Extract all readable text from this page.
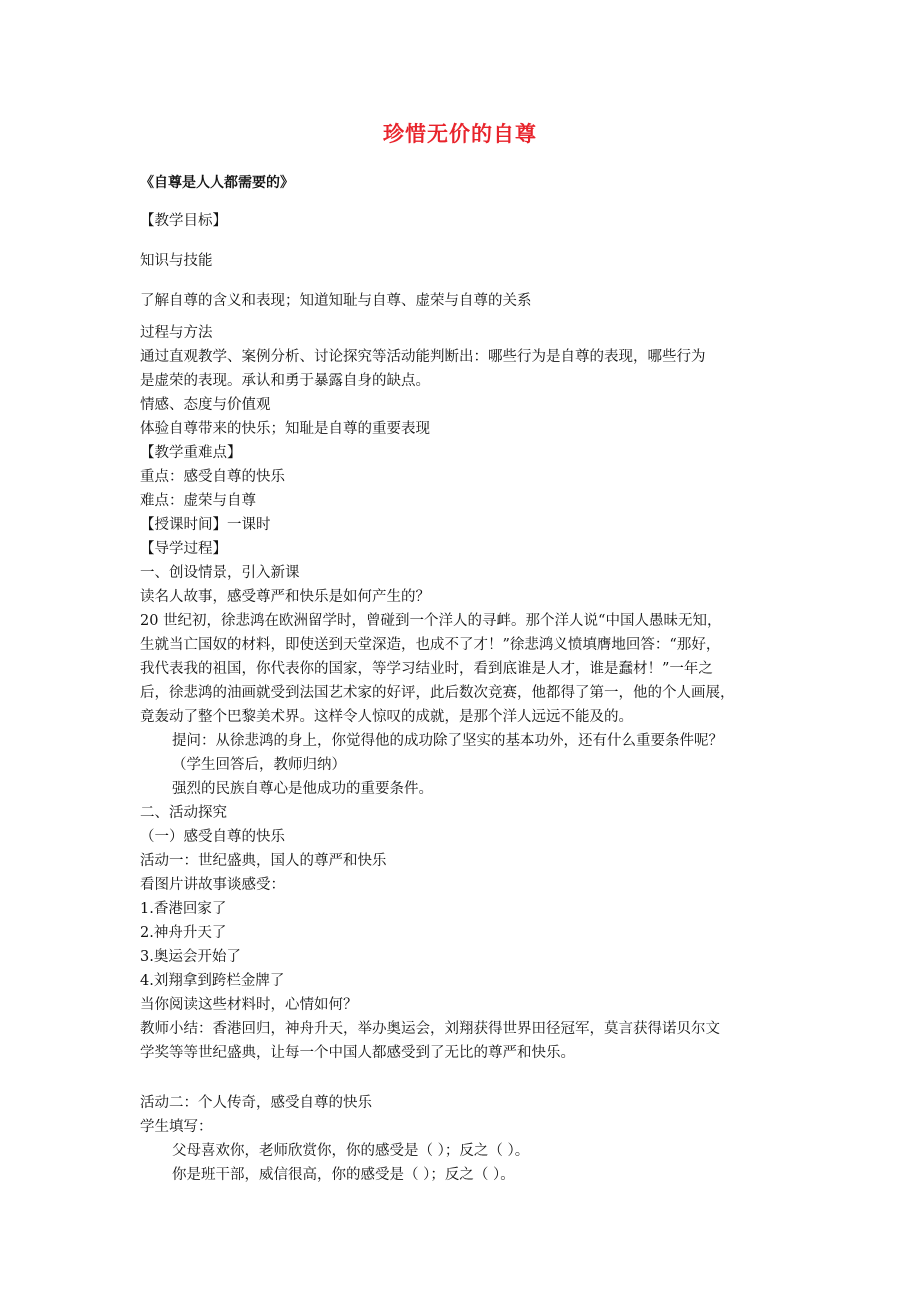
珍惜无价的自尊
《自尊是人人都需要的》
【教学目标】
知识与技能
了解自尊的含义和表现；知道知耻与自尊、虚荣与自尊的关系
过程与方法
通过直观教学、案例分析、讨论探究等活动能判断出：哪些行为是自尊的表现，哪些行为
是虚荣的表现。承认和勇于暴露自身的缺点。
情感、态度与价值观
体验自尊带来的快乐；知耻是自尊的重要表现
【教学重难点】
重点：感受自尊的快乐
难点：虚荣与自尊
【授课时间】一课时
【导学过程】
一、创设情景，引入新课
读名人故事，感受尊严和快乐是如何产生的？
20 世纪初，徐悲鸿在欧洲留学时，曾碰到一个洋人的寻衅。那个洋人说“中国人愚昧无知，
生就当亡国奴的材料，即使送到天堂深造，也成不了才！”徐悲鸿义愤填膺地回答：“那好，
我代表我的祖国，你代表你的国家，等学习结业时，看到底谁是人才，谁是蠢材！”一年之
后，徐悲鸿的油画就受到法国艺术家的好评，此后数次竞赛，他都得了第一，他的个人画展，
竟轰动了整个巴黎美术界。这样令人惊叹的成就，是那个洋人远远不能及的。
提问：从徐悲鸿的身上，你觉得他的成功除了坚实的基本功外，还有什么重要条件呢？
（学生回答后，教师归纳）
强烈的民族自尊心是他成功的重要条件。
二、活动探究
（一）感受自尊的快乐
活动一：世纪盛典，国人的尊严和快乐
看图片讲故事谈感受：
1.香港回家了
2.神舟升天了
3.奥运会开始了
4.刘翔拿到跨栏金牌了
当你阅读这些材料时，心情如何？
教师小结：香港回归，神舟升天，举办奥运会，刘翔获得世界田径冠军，莫言获得诺贝尔文
学奖等等世纪盛典，让每一个中国人都感受到了无比的尊严和快乐。
活动二：个人传奇，感受自尊的快乐
学生填写：
父母喜欢你，老师欣赏你，你的感受是（ ）；反之（ ）。
你是班干部，威信很高，你的感受是（ ）；反之（ ）。
